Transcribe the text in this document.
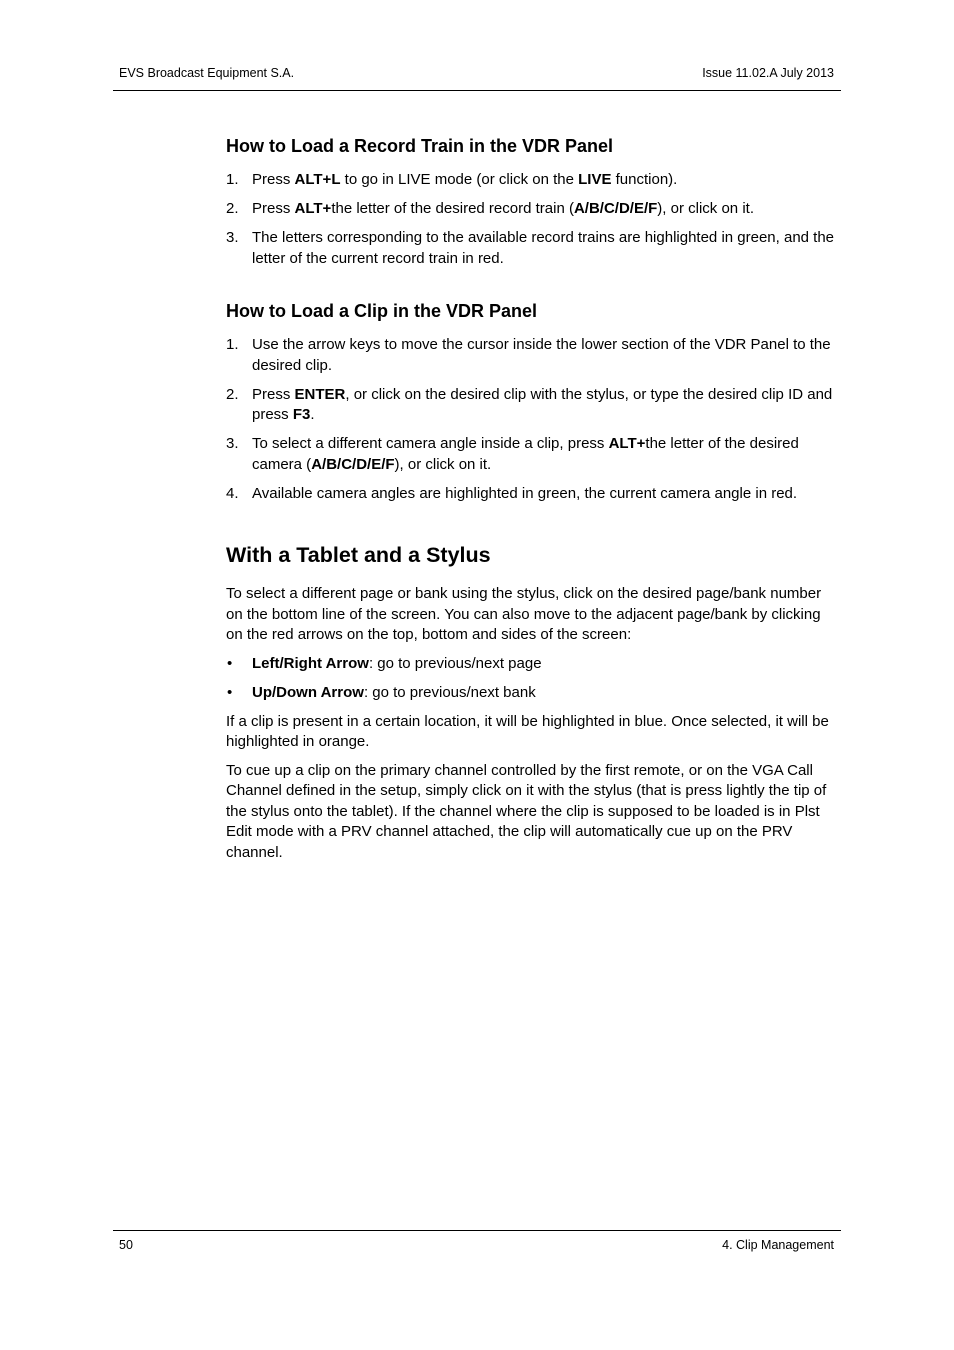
EVS Broadcast Equipment S.A.	Issue 11.02.A July 2013
How to Load a Record Train in the VDR Panel
1. Press ALT+L to go in LIVE mode (or click on the LIVE function).
2. Press ALT+the letter of the desired record train (A/B/C/D/E/F), or click on it.
3. The letters corresponding to the available record trains are highlighted in green, and the letter of the current record train in red.
How to Load a Clip in the VDR Panel
1. Use the arrow keys to move the cursor inside the lower section of the VDR Panel to the desired clip.
2. Press ENTER, or click on the desired clip with the stylus, or type the desired clip ID and press F3.
3. To select a different camera angle inside a clip, press ALT+the letter of the desired camera (A/B/C/D/E/F), or click on it.
4. Available camera angles are highlighted in green, the current camera angle in red.
With a Tablet and a Stylus

To select a different page or bank using the stylus, click on the desired page/bank number on the bottom line of the screen. You can also move to the adjacent page/bank by clicking on the red arrows on the top, bottom and sides of the screen:

• Left/Right Arrow: go to previous/next page
• Up/Down Arrow: go to previous/next bank

If a clip is present in a certain location, it will be highlighted in blue. Once selected, it will be highlighted in orange.

To cue up a clip on the primary channel controlled by the first remote, or on the VGA Call Channel defined in the setup, simply click on it with the stylus (that is press lightly the tip of the stylus onto the tablet). If the channel where the clip is supposed to be loaded is in Plst Edit mode with a PRV channel attached, the clip will automatically cue up on the PRV channel.

50	4. Clip Management
